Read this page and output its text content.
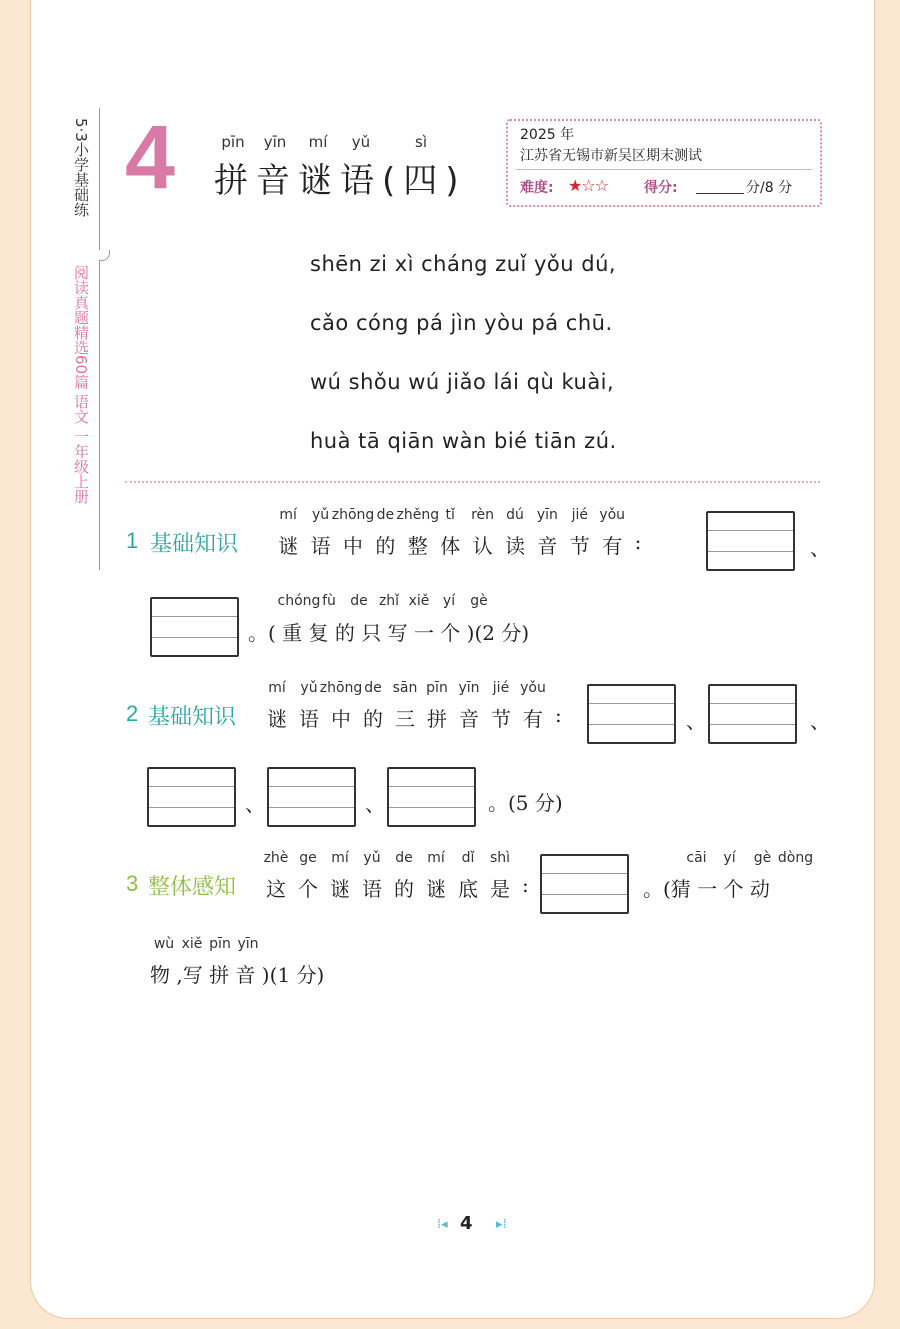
5·3小学基础练
阅读真题精选60篇 语文 一年级上册
4	pīn	yīn	mí	yǔ	sì
拼音谜语(四)
2025 年
江苏省无锡市新吴区期末测试
难度: ★☆☆	得分:	分/8 分
shēn zi xì cháng zuǐ yǒu dú,
cǎo cóng pá jìn yòu pá chū.
wú shǒu wú jiǎo lái qù kuài,
huà tā qiān wàn bié tiān zú.
1 基础知识
mí	yǔ zhōng de zhěng tǐ	rèn dú yīn jié yǒu
谜 语 中 的 整 体 认 读 音 节 有 :	、
chóng fù	de zhǐ xiě yí	gè
。( 重 复 的 只 写 一 个 )(2 分)
2 基础知识
mí	yǔ zhōng de sān pīn yīn jié yǒu
谜 语 中 的 三 拼 音 节 有 :	、	、
、	、	。(5 分)
3 整体感知
zhè ge	mí	yǔ	de	mí	dǐ	shì
这 个 谜 语 的 谜 底 是 :
cāi	yí	gè dòng
。(猜 一 个 动
wù xiě pīn yīn
物 ,写 拼 音 )(1 分)
⁞◂ 4 ▸⁞
